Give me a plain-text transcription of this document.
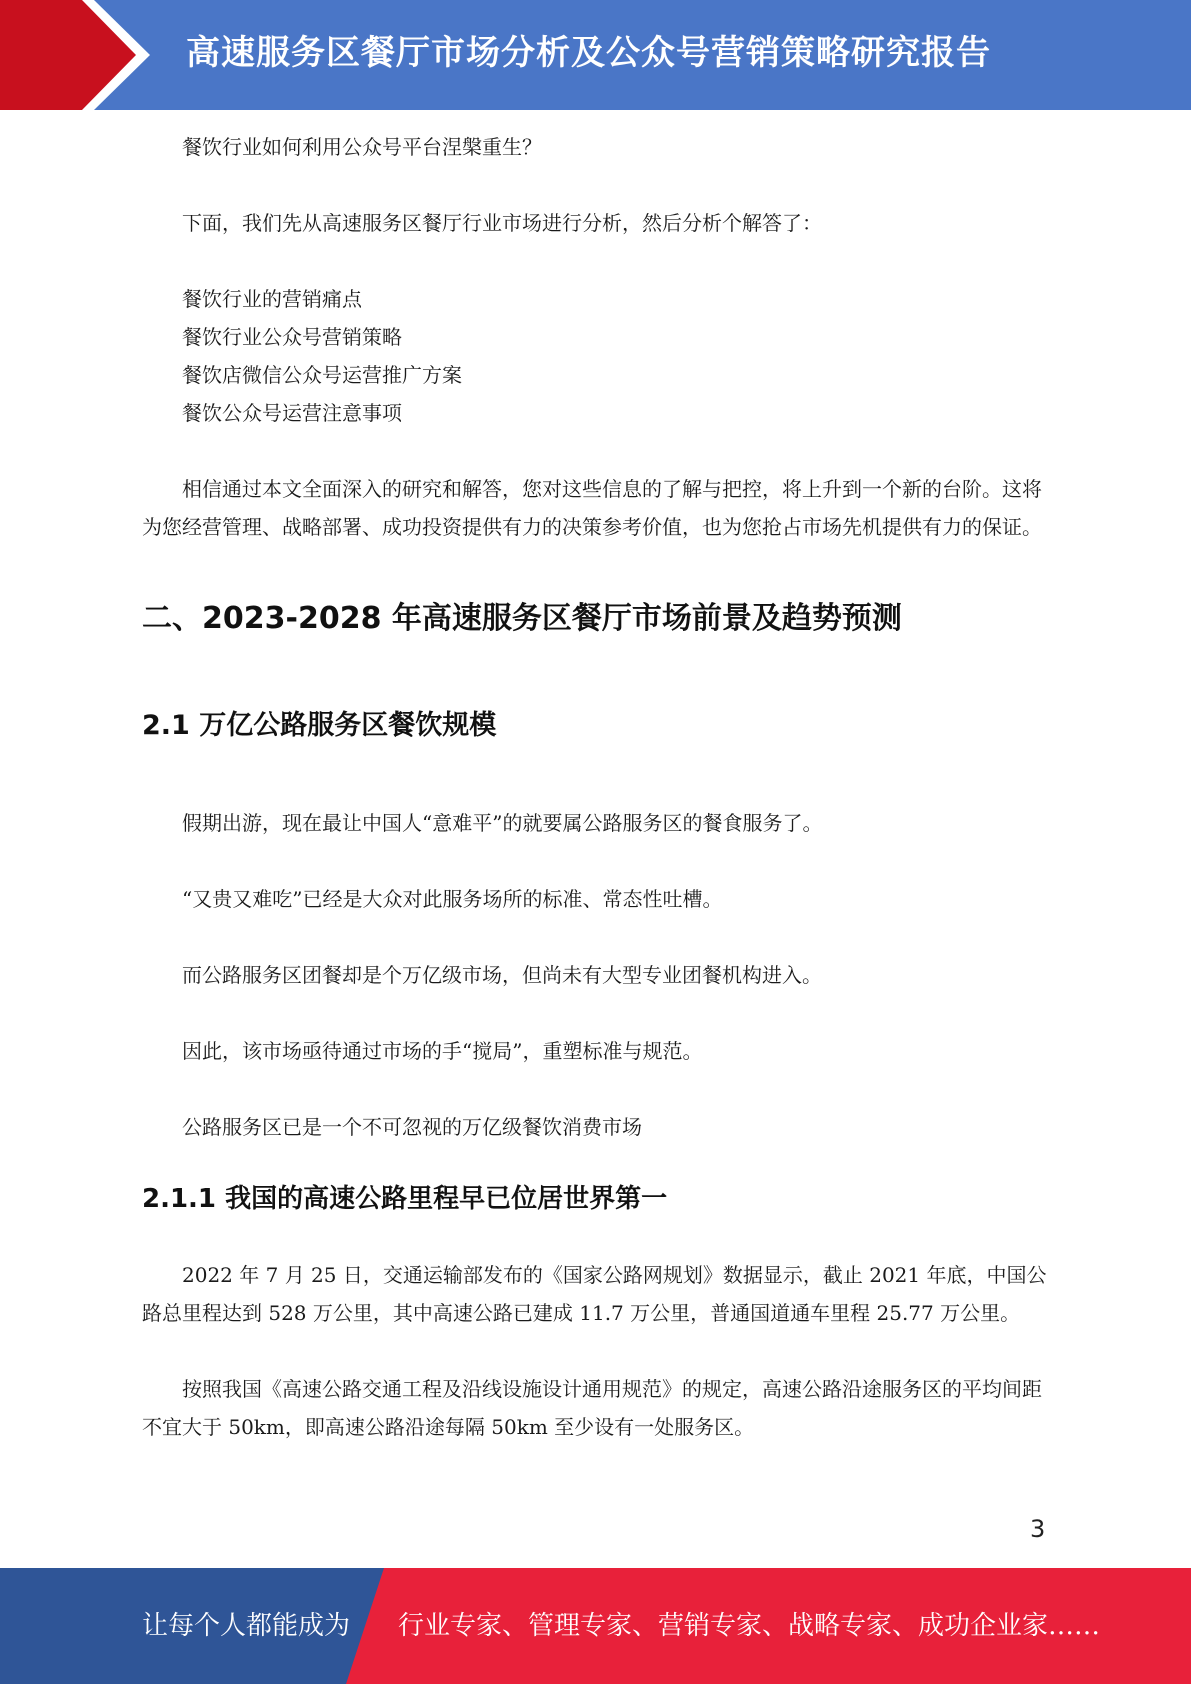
高速服务区餐厅市场分析及公众号营销策略研究报告

餐饮行业如何利用公众号平台涅槃重生？

下面，我们先从高速服务区餐厅行业市场进行分析，然后分析个解答了：

餐饮行业的营销痛点

餐饮行业公众号营销策略

餐饮店微信公众号运营推广方案

餐饮公众号运营注意事项

相信通过本文全面深入的研究和解答，您对这些信息的了解与把控，将上升到一个新的台阶。这将为您经营管理、战略部署、成功投资提供有力的决策参考价值，也为您抢占市场先机提供有力的保证。

二、2023-2028 年高速服务区餐厅市场前景及趋势预测
2.1 万亿公路服务区餐饮规模

假期出游，现在最让中国人“意难平”的就要属公路服务区的餐食服务了。

“又贵又难吃”已经是大众对此服务场所的标准、常态性吐槽。

而公路服务区团餐却是个万亿级市场，但尚未有大型专业团餐机构进入。

因此，该市场亟待通过市场的手“搅局”，重塑标准与规范。

公路服务区已是一个不可忽视的万亿级餐饮消费市场

2.1.1 我国的高速公路里程早已位居世界第一

2022 年 7 月 25 日，交通运输部发布的《国家公路网规划》数据显示，截止 2021 年底，中国公路总里程达到 528 万公里，其中高速公路已建成 11.7 万公里，普通国道通车里程 25.77 万公里。

按照我国《高速公路交通工程及沿线设施设计通用规范》的规定，高速公路沿途服务区的平均间距不宜大于 50km，即高速公路沿途每隔 50km 至少设有一处服务区。

3
让每个人都能成为 行业专家、管理专家、营销专家、战略专家、成功企业家……
